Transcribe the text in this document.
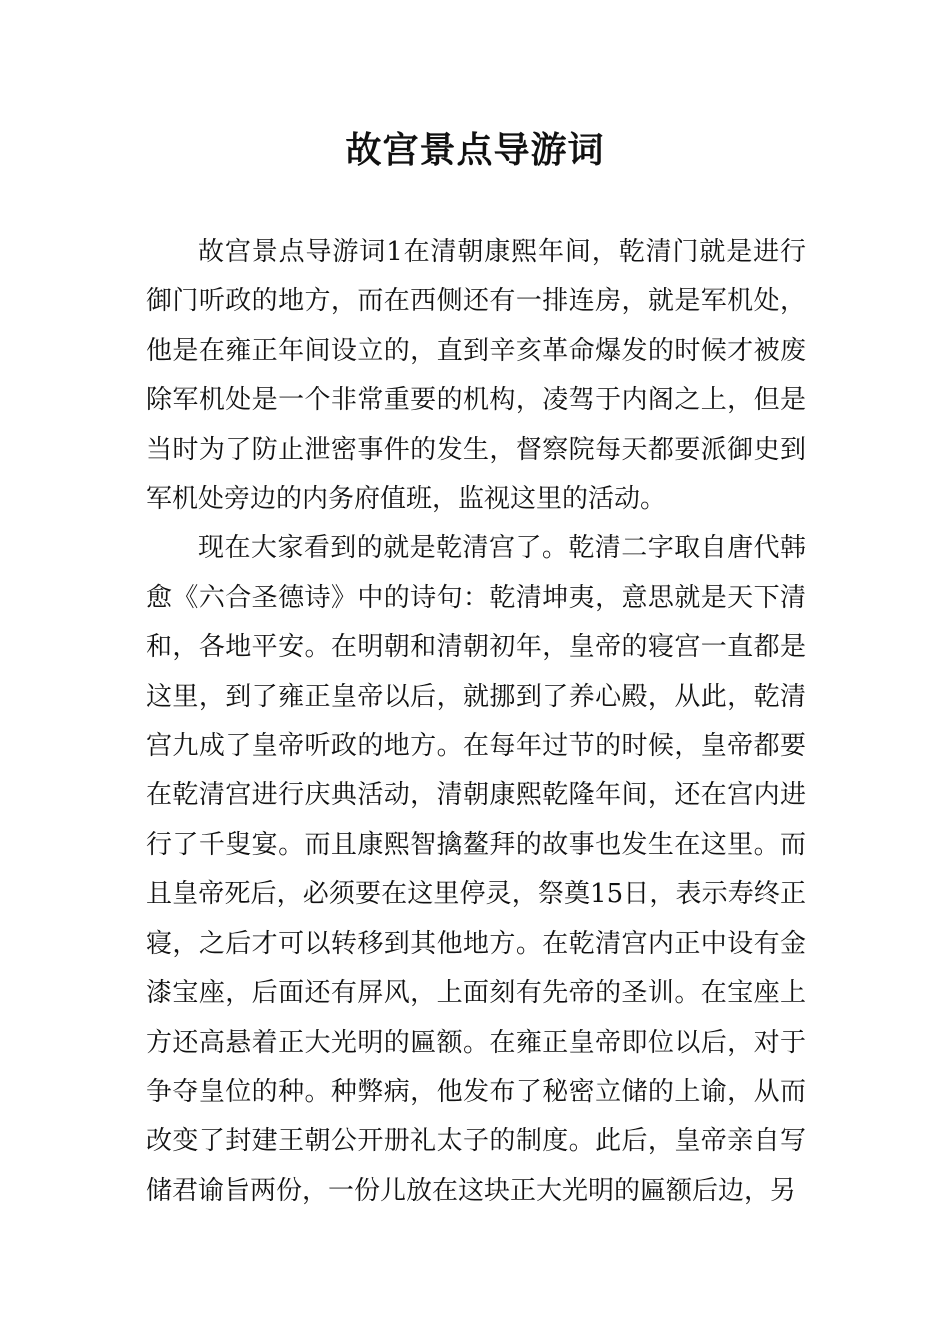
故宫景点导游词

故宫景点导游词1在清朝康熙年间，乾清门就是进行御门听政的地方，而在西侧还有一排连房，就是军机处，他是在雍正年间设立的，直到辛亥革命爆发的时候才被废除军机处是一个非常重要的机构，凌驾于内阁之上，但是当时为了防止泄密事件的发生，督察院每天都要派御史到军机处旁边的内务府值班，监视这里的活动。

现在大家看到的就是乾清宫了。乾清二字取自唐代韩愈《六合圣德诗》中的诗句：乾清坤夷，意思就是天下清和，各地平安。在明朝和清朝初年，皇帝的寝宫一直都是这里，到了雍正皇帝以后，就挪到了养心殿，从此，乾清宫九成了皇帝听政的地方。在每年过节的时候，皇帝都要在乾清宫进行庆典活动，清朝康熙乾隆年间，还在宫内进行了千叟宴。而且康熙智擒鳌拜的故事也发生在这里。而且皇帝死后，必须要在这里停灵，祭奠15日，表示寿终正寝，之后才可以转移到其他地方。在乾清宫内正中设有金漆宝座，后面还有屏风，上面刻有先帝的圣训。在宝座上方还高悬着正大光明的匾额。在雍正皇帝即位以后，对于争夺皇位的种。种弊病，他发布了秘密立储的上谕，从而改变了封建王朝公开册礼太子的制度。此后，皇帝亲自写储君谕旨两份，一份儿放在这块正大光明的匾额后边，另
